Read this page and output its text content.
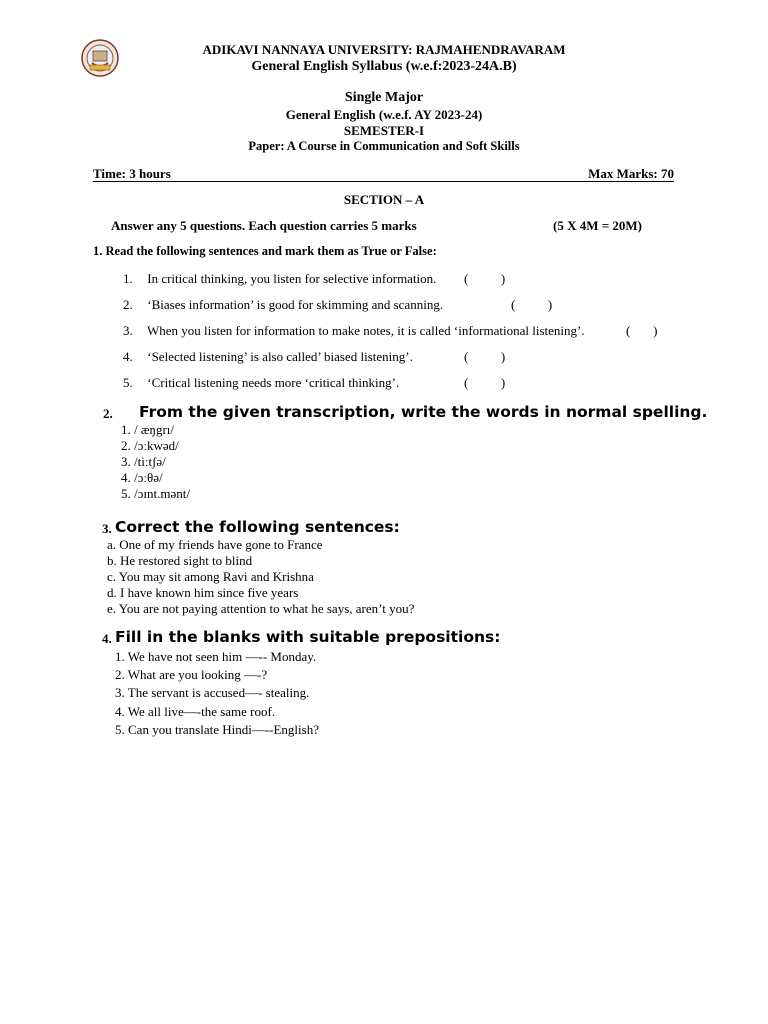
ADIKAVI NANNAYA UNIVERSITY: RAJMAHENDRAVARAM
General English Syllabus (w.e.f:2023-24A.B)
Single Major
General English (w.e.f. AY 2023-24)
SEMESTER-I
Paper: A Course in Communication and Soft Skills
Time: 3 hours	Max Marks: 70
SECTION – A
Answer any 5 questions. Each question carries 5 marks	(5 X 4M = 20M)
1. Read the following sentences and mark them as True or False:
1. In critical thinking, you listen for selective information. (          )
2. ‘Biases information’ is good for skimming and scanning.	(          )
3. When you listen for information to make notes, it is called ‘informational listening’.	(       )
4. ‘Selected listening’ is also called’ biased listening’.	(          )
5. ‘Critical listening needs more ‘critical thinking’.	(          )
2. From the given transcription, write the words in normal spelling.
1. / æŋgrı/
2. /ɔːkwəd/
3. /tiːtʃə/
4. /ɔːθə/
5. /ɔɪnt.mənt/
3. Correct the following sentences:
a. One of my friends have gone to France
b. He restored sight to blind
c. You may sit among Ravi and Krishna
d. I have known him since five years
e. You are not paying attention to what he says, aren’t you?
4. Fill in the blanks with suitable prepositions:
1. We have not seen him —-- Monday.
2. What are you looking —-?
3. The servant is accused—- stealing.
4. We all live—-the same roof.
5. Can you translate Hindi—--English?
